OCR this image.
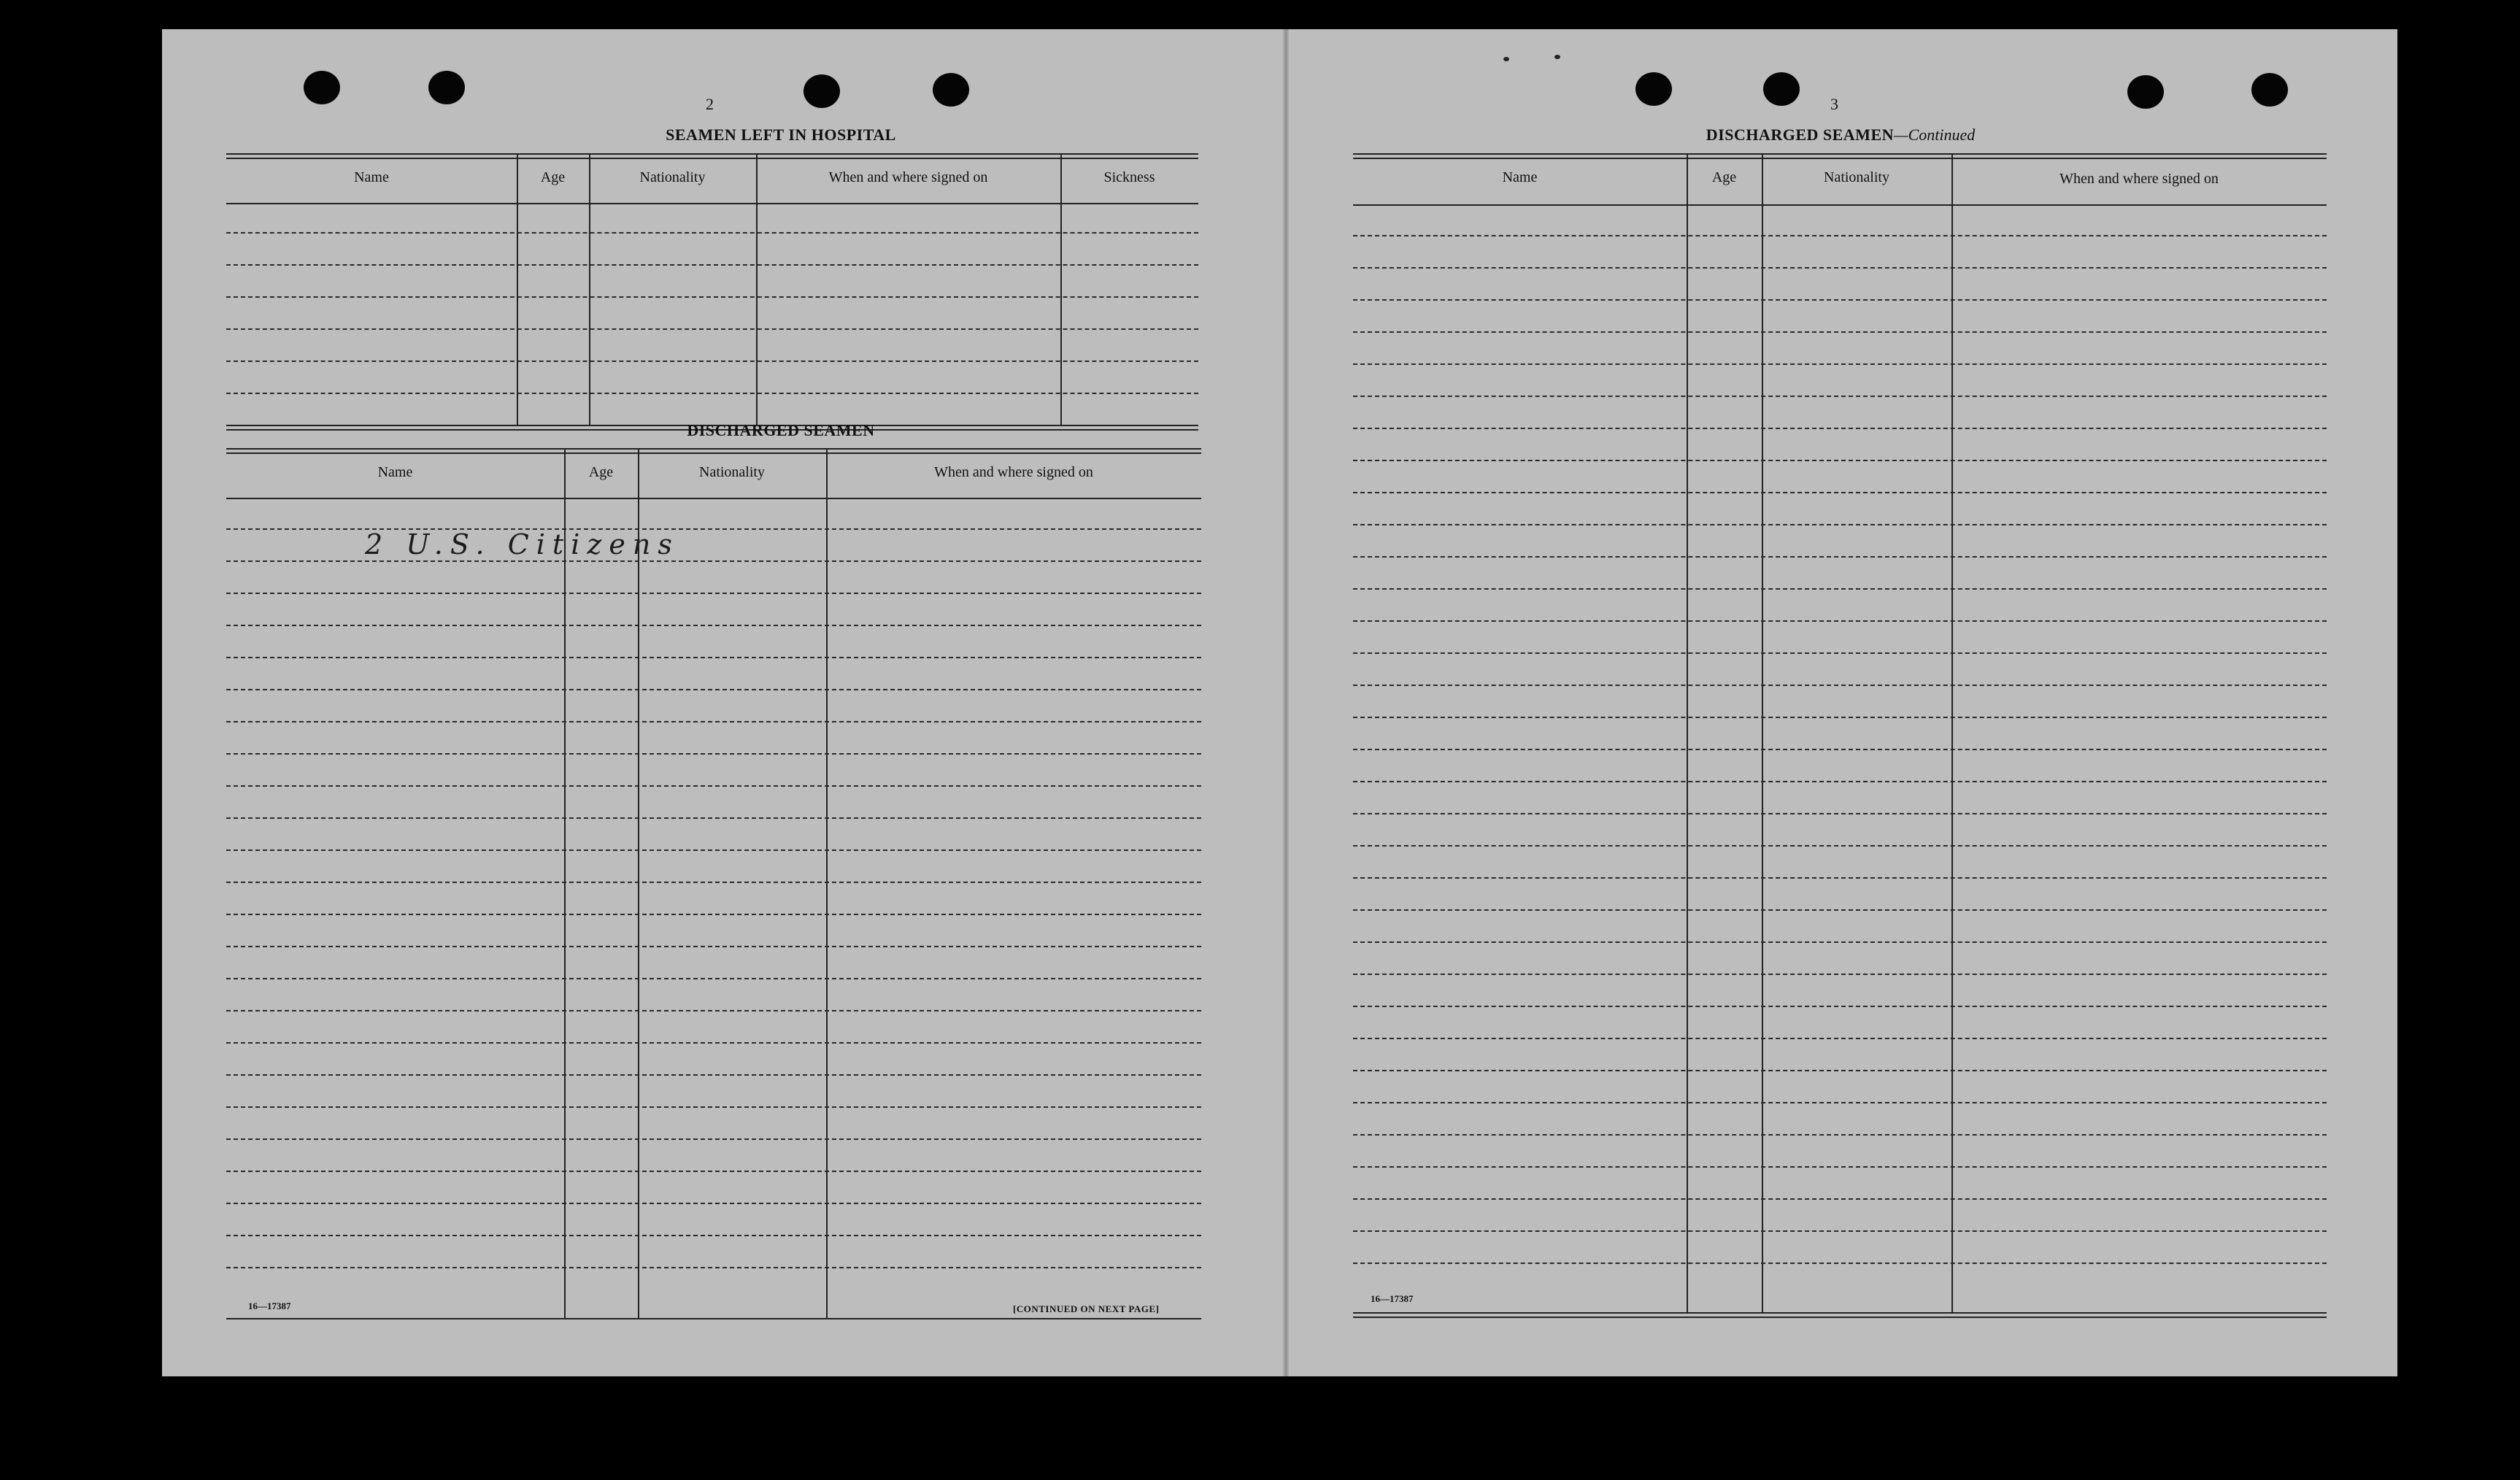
2
SEAMEN LEFT IN HOSPITAL
Name	Age	Nationality	When and where signed on	Sickness
DISCHARGED SEAMEN
Name	Age	Nationality	When and where signed on
2 U.S. Citizens
16—17387	[CONTINUED ON NEXT PAGE]
3
DISCHARGED SEAMEN—Continued
Name	Age	Nationality	When and where signed on
16—17387
